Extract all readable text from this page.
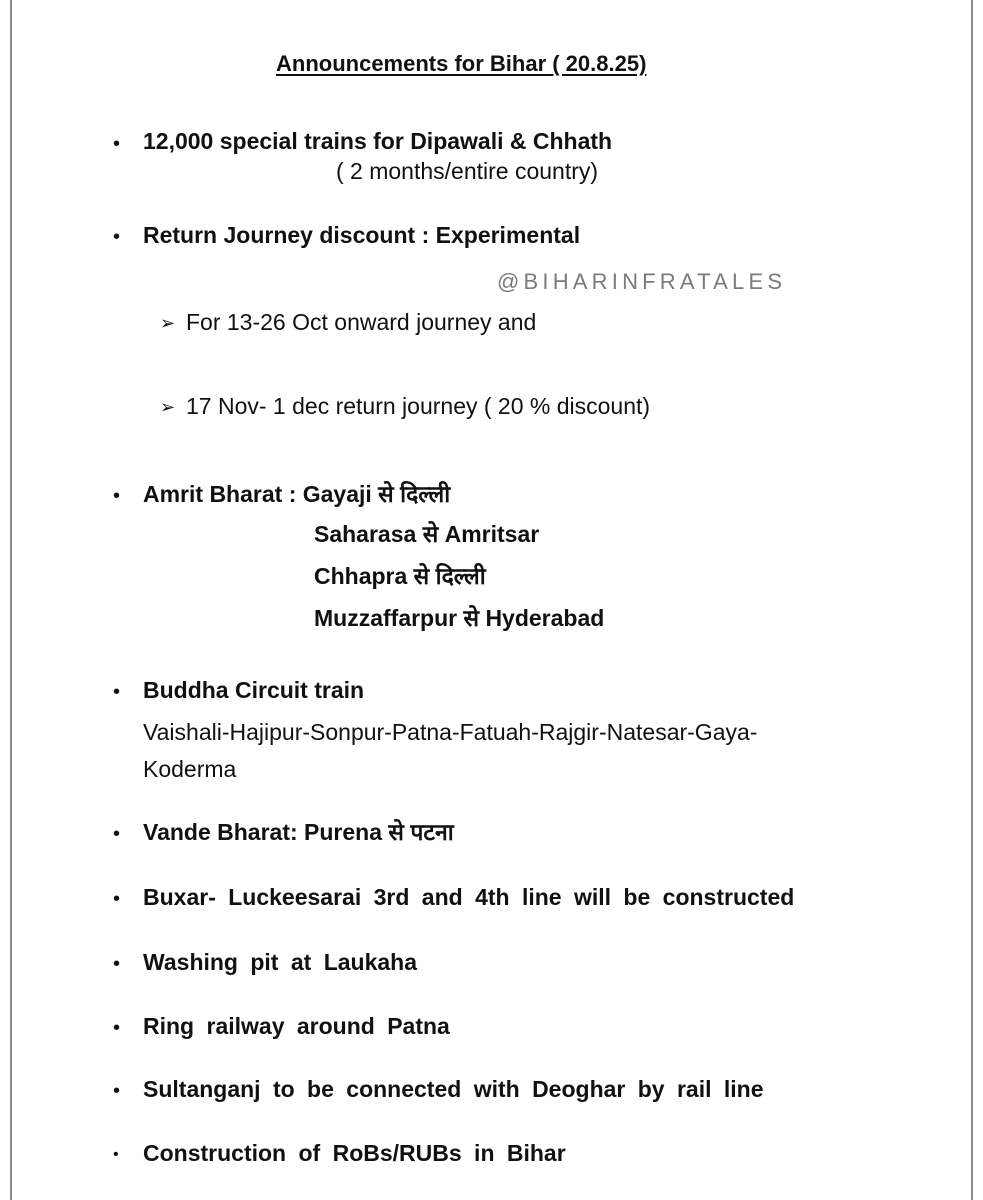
Announcements for Bihar ( 20.8.25)
• 12,000 special trains for Dipawali & Chhath
( 2 months/entire country)
• Return Journey discount : Experimental
@BIHARINFRATALES
➢ For 13-26 Oct onward journey and
➢ 17 Nov- 1 dec return journey ( 20 % discount)
• Amrit Bharat : Gayaji से दिल्ली
Saharasa से Amritsar
Chhapra से दिल्ली
Muzzaffarpur से Hyderabad
• Buddha Circuit train
Vaishali-Hajipur-Sonpur-Patna-Fatuah-Rajgir-Natesar-Gaya-
Koderma
• Vande Bharat: Purena से पटना
• Buxar- Luckeesarai 3rd and 4th line will be constructed
• Washing pit at Laukaha
• Ring railway around Patna
• Sultanganj to be connected with Deoghar by rail line
• Construction of RoBs/RUBs in Bihar
